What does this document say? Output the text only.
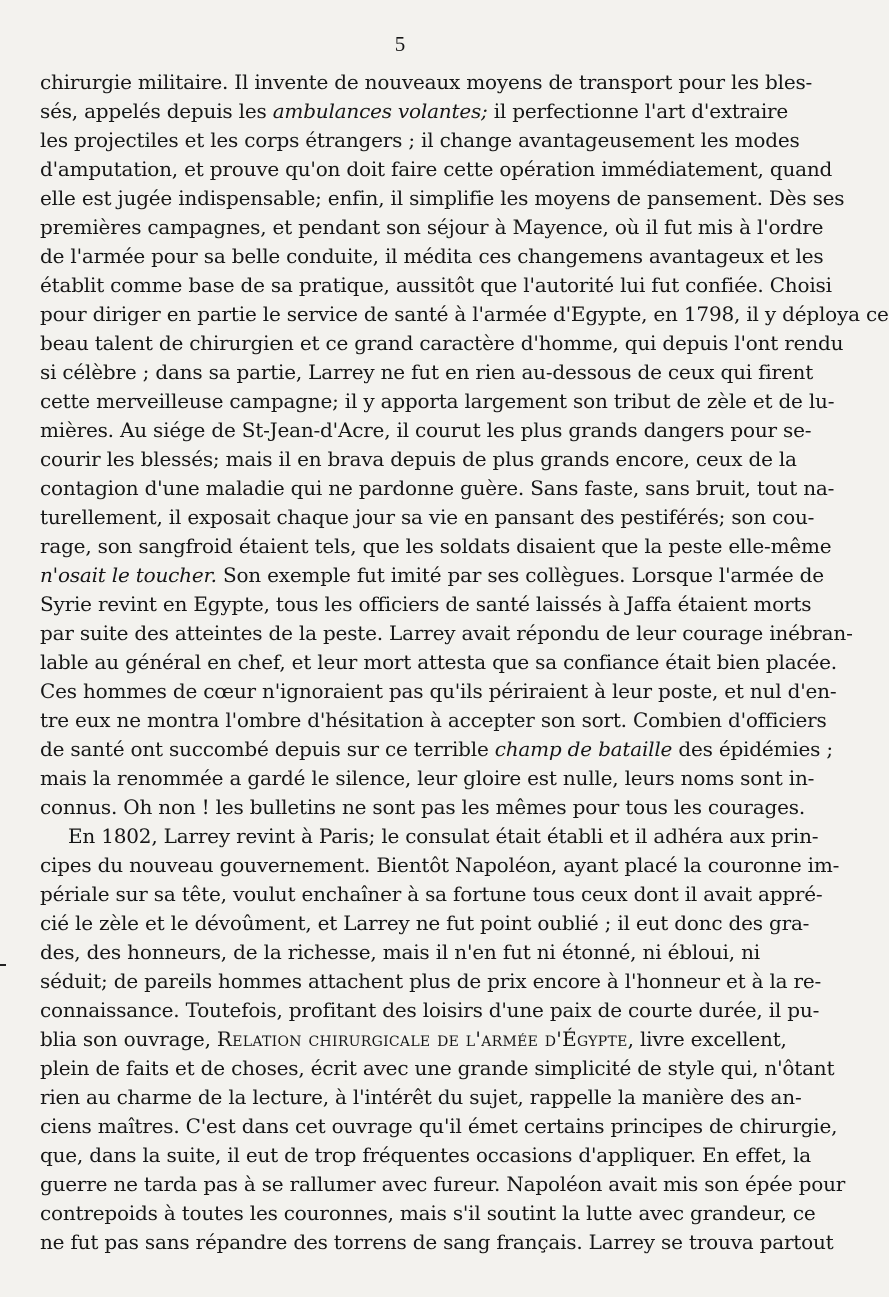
5
chirurgie militaire. Il invente de nouveaux moyens de transport pour les bles-
sés, appelés depuis les ambulances volantes; il perfectionne l'art d'extraire
les projectiles et les corps étrangers ; il change avantageusement les modes
d'amputation, et prouve qu'on doit faire cette opération immédiatement, quand
elle est jugée indispensable; enfin, il simplifie les moyens de pansement. Dès ses
premières campagnes, et pendant son séjour à Mayence, où il fut mis à l'ordre
de l'armée pour sa belle conduite, il médita ces changemens avantageux et les
établit comme base de sa pratique, aussitôt que l'autorité lui fut confiée. Choisi
pour diriger en partie le service de santé à l'armée d'Egypte, en 1798, il y déploya ce
beau talent de chirurgien et ce grand caractère d'homme, qui depuis l'ont rendu
si célèbre ; dans sa partie, Larrey ne fut en rien au-dessous de ceux qui firent
cette merveilleuse campagne; il y apporta largement son tribut de zèle et de lu-
mières. Au siége de St-Jean-d'Acre, il courut les plus grands dangers pour se-
courir les blessés; mais il en brava depuis de plus grands encore, ceux de la
contagion d'une maladie qui ne pardonne guère. Sans faste, sans bruit, tout na-
turellement, il exposait chaque jour sa vie en pansant des pestiférés; son cou-
rage, son sangfroid étaient tels, que les soldats disaient que la peste elle-même
n'osait le toucher. Son exemple fut imité par ses collègues. Lorsque l'armée de
Syrie revint en Egypte, tous les officiers de santé laissés à Jaffa étaient morts
par suite des atteintes de la peste. Larrey avait répondu de leur courage inébran-
lable au général en chef, et leur mort attesta que sa confiance était bien placée.
Ces hommes de cœur n'ignoraient pas qu'ils périraient à leur poste, et nul d'en-
tre eux ne montra l'ombre d'hésitation à accepter son sort. Combien d'officiers
de santé ont succombé depuis sur ce terrible champ de bataille des épidémies ;
mais la renommée a gardé le silence, leur gloire est nulle, leurs noms sont in-
connus. Oh non ! les bulletins ne sont pas les mêmes pour tous les courages.
En 1802, Larrey revint à Paris; le consulat était établi et il adhéra aux prin-
cipes du nouveau gouvernement. Bientôt Napoléon, ayant placé la couronne im-
périale sur sa tête, voulut enchaîner à sa fortune tous ceux dont il avait appré-
cié le zèle et le dévoûment, et Larrey ne fut point oublié ; il eut donc des gra-
des, des honneurs, de la richesse, mais il n'en fut ni étonné, ni ébloui, ni
séduit; de pareils hommes attachent plus de prix encore à l'honneur et à la re-
connaissance. Toutefois, profitant des loisirs d'une paix de courte durée, il pu-
blia son ouvrage, Relation chirurgicale de l'armée d'Égypte, livre excellent,
plein de faits et de choses, écrit avec une grande simplicité de style qui, n'ôtant
rien au charme de la lecture, à l'intérêt du sujet, rappelle la manière des an-
ciens maîtres. C'est dans cet ouvrage qu'il émet certains principes de chirurgie,
que, dans la suite, il eut de trop fréquentes occasions d'appliquer. En effet, la
guerre ne tarda pas à se rallumer avec fureur. Napoléon avait mis son épée pour
contrepoids à toutes les couronnes, mais s'il soutint la lutte avec grandeur, ce
ne fut pas sans répandre des torrens de sang français. Larrey se trouva partout
